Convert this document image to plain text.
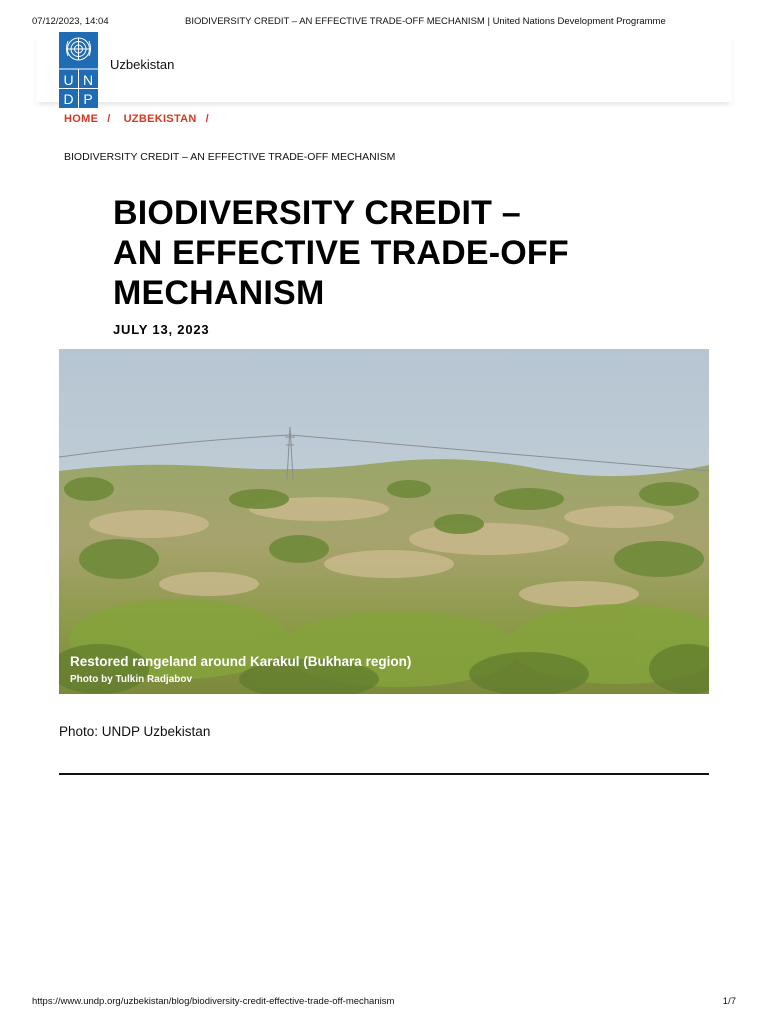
07/12/2023, 14:04	BIODIVERSITY CREDIT – AN EFFECTIVE TRADE-OFF MECHANISM | United Nations Development Programme
U N
D P
Uzbekistan
HOME / UZBEKISTAN /
BIODIVERSITY CREDIT – AN EFFECTIVE TRADE-OFF MECHANISM
BIODIVERSITY CREDIT –
AN EFFECTIVE TRADE-OFF
MECHANISM
JULY 13, 2023
Restored rangeland around Karakul (Bukhara region)
Photo by Tulkin Radjabov
Photo: UNDP Uzbekistan
https://www.undp.org/uzbekistan/blog/biodiversity-credit-effective-trade-off-mechanism	1/7
